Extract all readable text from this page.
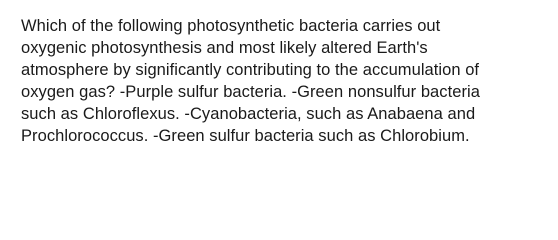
Which of the following photosynthetic bacteria carries out
oxygenic photosynthesis and most likely altered Earth's
atmosphere by significantly contributing to the accumulation of
oxygen gas? -Purple sulfur bacteria. -Green nonsulfur bacteria
such as Chloroflexus. -Cyanobacteria, such as Anabaena and
Prochlorococcus. -Green sulfur bacteria such as Chlorobium.
